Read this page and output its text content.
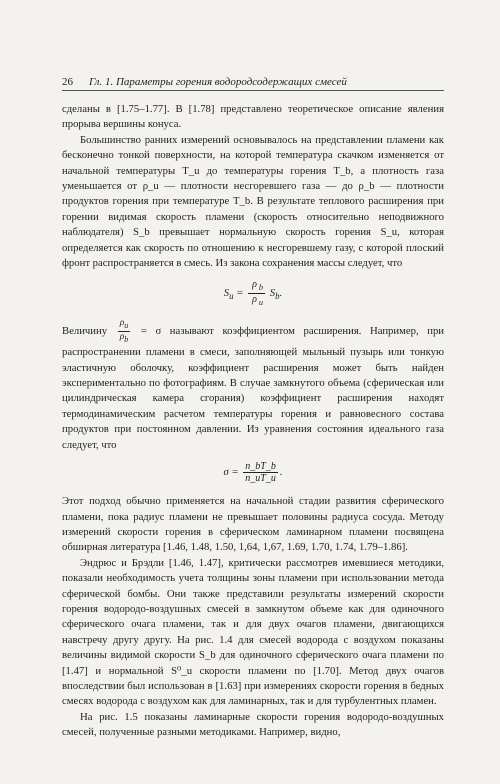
26 Гл. 1. Параметры горения водородсодержащих смесей

сделаны в [1.75–1.77]. В [1.78] представлено теоретическое описание явления прорыва вершины конуса.

Большинство ранних измерений основывалось на представлении пламени как бесконечно тонкой поверхности, на которой температура скачком изменяется от начальной температуры T_u до температуры горения T_b, а плотность газа уменьшается от ρ_u — плотности несгоревшего газа — до ρ_b — плотности продуктов горения при температуре T_b. В результате теплового расширения при горении видимая скорость пламени (скорость относительно неподвижного наблюдателя) S_b превышает нормальную скорость горения S_u, которая определяется как скорость по отношению к несгоревшему газу, с которой плоский фронт распространяется в смесь. Из закона сохранения массы следует, что

$S_u = \frac{\rho _b}{\rho _u} S_b$.

Величину $\frac{\rho_u}{\rho_b} = \sigma$ называют коэффициентом расширения. Например, при распространении пламени в смеси, заполняющей мыльный пузырь или тонкую эластичную оболочку, коэффициент расширения может быть найден экспериментально по фотографиям. В случае замкнутого объема (сферическая или цилиндрическая камера сгорания) коэффициент расширения находят термодинамическим расчетом температуры горения и равновесного состава продуктов при постоянном давлении. Из уравнения состояния идеального газа следует, что

$\sigma = \frac{n\_bT\_b}{n\_uT\_u}$ .

Этот подход обычно применяется на начальной стадии развития сферического пламени, пока радиус пламени не превышает половины радиуса сосуда. Методу измерений скорости горения в сферическом ламинарном пламени посвящена обширная литература [1.46, 1.48, 1.50, 1,64, 1,67, 1.69, 1.70, 1.74, 1.79–1.86].

Эндрюс и Брэдли [1.46, 1.47], критически рассмотрев имевшиеся методики, показали необходимость учета толщины зоны пламени при использовании метода сферической бомбы. Они также представили результаты измерений скорости горения водородо-воздушных смесей в замкнутом объеме как для одиночного сферического очага пламени, так и для двух очагов пламени, двигающихся навстречу другу другу. На рис. 1.4 для смесей водорода с воздухом показаны величины видимой скорости S_b для одиночного сферического очага пламени по [1.47] и нормальной S⁰_u скорости пламени по [1.70]. Метод двух очагов впоследствии был использован в [1.63] при измерениях скорости горения в бедных смесях водорода с воздухом как для ламинарных, так и для турбулентных пламен.

На рис. 1.5 показаны ламинарные скорости горения водородо-воздушных смесей, полученные разными методиками. Например, видно,
